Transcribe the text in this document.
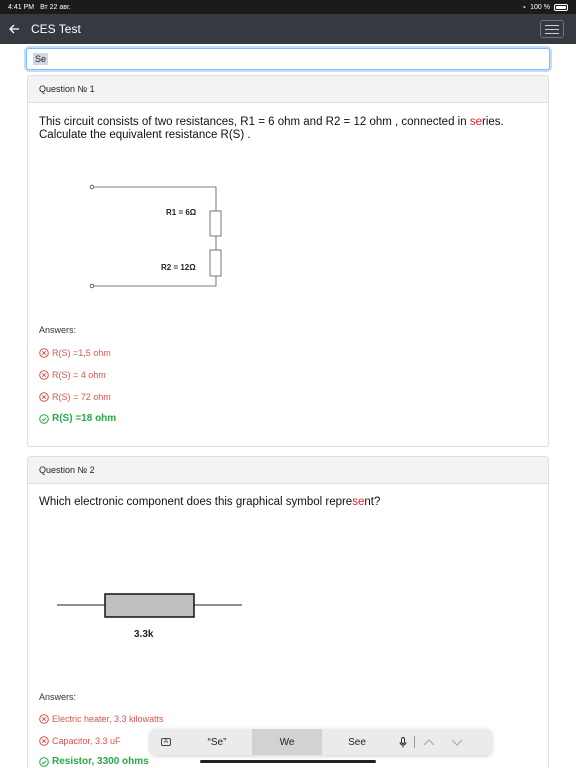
4:41 PM Вт 22 авг.	◔ 100 %
CES Test
Se
Question № 1
This circuit consists of two resistances, R1 = 6 ohm and R2 = 12 ohm , connected in series.
Calculate the equivalent resistance R(S) .
R1 = 6Ω
R2 = 12Ω
Answers:
R(S) =1,5 ohm
R(S) = 4 ohm
R(S) = 72 ohm
R(S) =18 ohm
Question № 2
Which electronic component does this graphical symbol represent?
3.3k
Answers:
Electric heater, 3.3 kilowatts
Capacitor, 3.3 uF
Resistor, 3300 ohms
A	“Se”	We	See
